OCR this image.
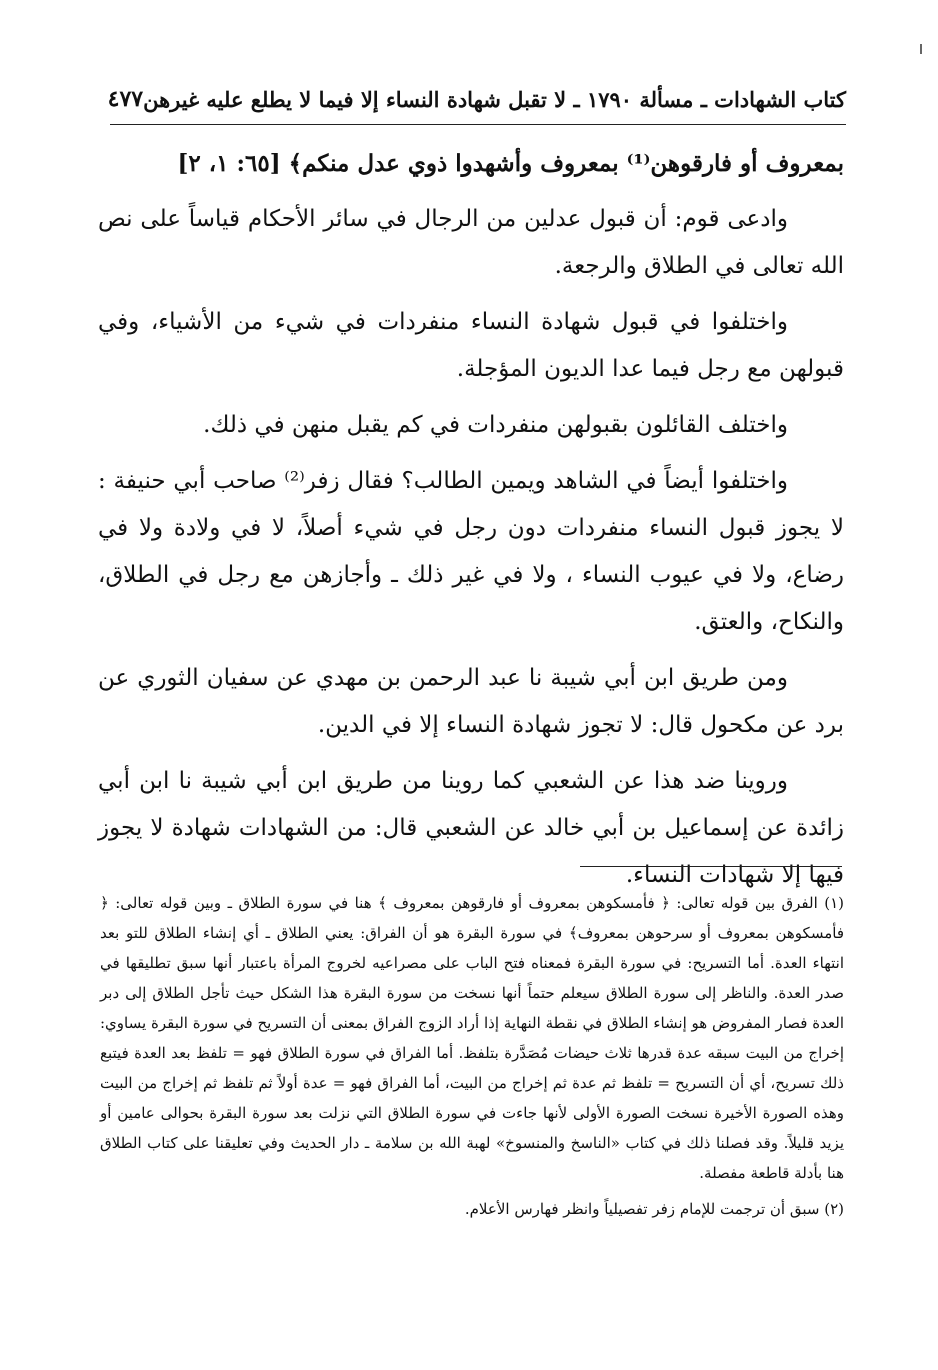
كتاب الشهادات ـ مسألة ١٧٩٠ ـ لا تقبل شهادة النساء إلا فيما لا يطلع عليه غيرهن
٤٧٧

بمعروف أو فارقوهن⁽¹⁾ بمعروف وأشهدوا ذوي عدل منكم﴾ [٦٥: ١، ٢]

وادعى قوم: أن قبول عدلين من الرجال في سائر الأحكام قياساً على نص الله تعالى في الطلاق والرجعة.

واختلفوا في قبول شهادة النساء منفردات في شيء من الأشياء، وفي قبولهن مع رجل فيما عدا الديون المؤجلة.

واختلف القائلون بقبولهن منفردات في كم يقبل منهن في ذلك.

واختلفوا أيضاً في الشاهد ويمين الطالب؟ فقال زفر⁽²⁾ صاحب أبي حنيفة : لا يجوز قبول النساء منفردات دون رجل في شيء أصلاً، لا في ولادة ولا في رضاع، ولا في عيوب النساء ، ولا في غير ذلك ـ وأجازهن مع رجل في الطلاق، والنكاح، والعتق.

ومن طريق ابن أبي شيبة نا عبد الرحمن بن مهدي عن سفيان الثوري عن برد عن مكحول قال: لا تجوز شهادة النساء إلا في الدين.

وروينا ضد هذا عن الشعبي كما روينا من طريق ابن أبي شيبة نا ابن أبي زائدة عن إسماعيل بن أبي خالد عن الشعبي قال: من الشهادات شهادة لا يجوز فيها إلا شهادات النساء.

(١) الفرق بين قوله تعالى: ﴿ فأمسكوهن بمعروف أو فارقوهن بمعروف ﴾ هنا في سورة الطلاق ـ وبين قوله تعالى: ﴿ فأمسكوهن بمعروف أو سرحوهن بمعروف﴾ في سورة البقرة هو أن الفراق: يعني الطلاق ـ أي إنشاء الطلاق للتو بعد انتهاء العدة. أما التسريح: في سورة البقرة فمعناه فتح الباب على مصراعيه لخروج المرأة باعتبار أنها سبق تطليقها في صدر العدة. والناظر إلى سورة الطلاق سيعلم حتماً أنها نسخت من سورة البقرة هذا الشكل حيث تأجل الطلاق إلى دبر العدة فصار المفروض هو إنشاء الطلاق في نقطة النهاية إذا أراد الزوج الفراق بمعنى أن التسريح في سورة البقرة يساوي: إخراج من البيت سبقه عدة قدرها ثلاث حيضات مُصَدَّرة بتلفظ. أما الفراق في سورة الطلاق فهو = تلفظ بعد العدة فيتبع ذلك تسريح، أي أن التسريح = تلفظ ثم عدة ثم إخراج من البيت، أما الفراق فهو = عدة أولاً ثم تلفظ ثم إخراج من البيت وهذه الصورة الأخيرة نسخت الصورة الأولى لأنها جاءت في سورة الطلاق التي نزلت بعد سورة البقرة بحوالى عامين أو يزيد قليلاً. وقد فصلنا ذلك في كتاب «الناسخ والمنسوخ» لهبة الله بن سلامة ـ دار الحديث وفي تعليقنا على كتاب الطلاق هنا بأدلة قاطعة مفصلة.

(٢) سبق أن ترجمت للإمام زفر تفصيلياً وانظر فهارس الأعلام.
